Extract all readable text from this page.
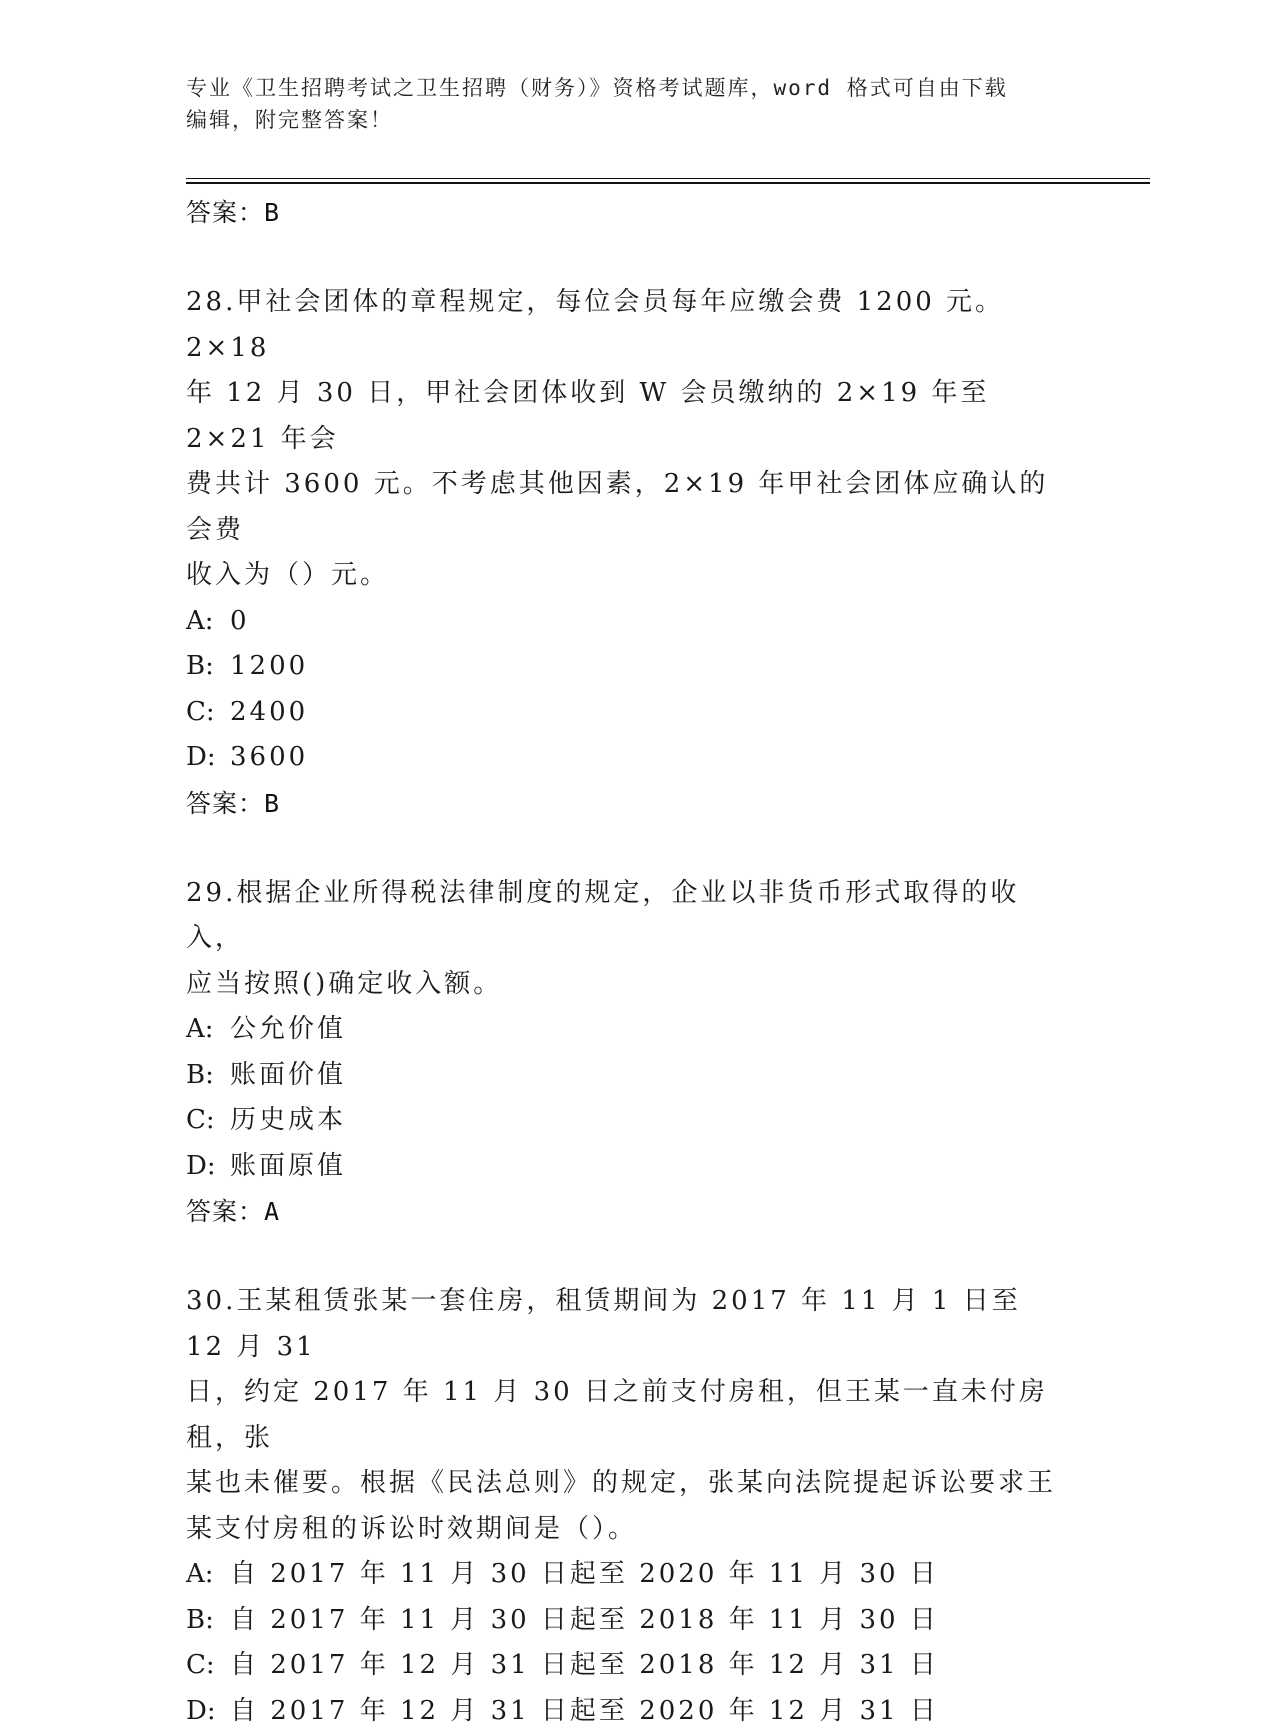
专业《卫生招聘考试之卫生招聘（财务）》资格考试题库，word 格式可自由下载
编辑，附完整答案！
答案：B
28.甲社会团体的章程规定，每位会员每年应缴会费 1200 元。2×18
年 12 月 30 日，甲社会团体收到 W 会员缴纳的 2×19 年至 2×21 年会
费共计 3600 元。不考虑其他因素，2×19 年甲社会团体应确认的会费
收入为（）元。
A: 0
B: 1200
C: 2400
D: 3600
答案：B
29.根据企业所得税法律制度的规定，企业以非货币形式取得的收入，
应当按照()确定收入额。
A: 公允价值
B: 账面价值
C: 历史成本
D: 账面原值
答案：A
30.王某租赁张某一套住房，租赁期间为 2017 年 11 月 1 日至 12 月 31
日，约定 2017 年 11 月 30 日之前支付房租，但王某一直未付房租，张
某也未催要。根据《民法总则》的规定，张某向法院提起诉讼要求王
某支付房租的诉讼时效期间是（）。
A: 自 2017 年 11 月 30 日起至 2020 年 11 月 30 日
B: 自 2017 年 11 月 30 日起至 2018 年 11 月 30 日
C: 自 2017 年 12 月 31 日起至 2018 年 12 月 31 日
D: 自 2017 年 12 月 31 日起至 2020 年 12 月 31 日
